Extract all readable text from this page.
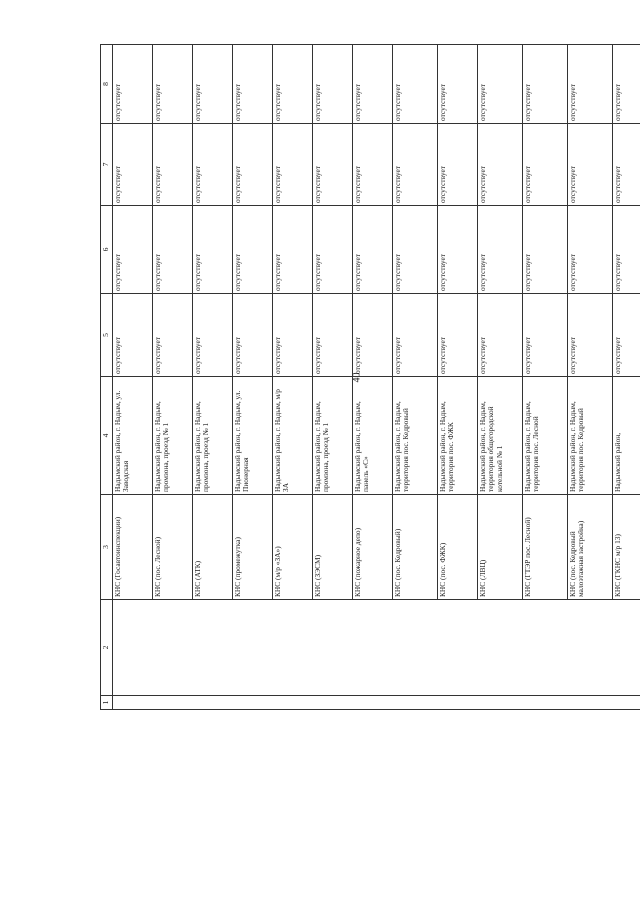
40
1	2	3	4	5	6	7	8

		КНС (Госавтоинспекции)	Надымский район, г. Надым, ул. Заводская	отсутствует	отсутствует	отсутствует	отсутствует

		КНС (пос. Лесной)	Надымский район, г. Надым, промзона, проезд № 1	отсутствует	отсутствует	отсутствует	отсутствует

		КНС (АТК)	Надымский район, г. Надым, промзона, проезд № 1	отсутствует	отсутствует	отсутствует	отсутствует

		КНС (промежутка)	Надымский район, г. Надым, ул. Пионерная	отсутствует	отсутствует	отсутствует	отсутствует

		КНС (м/р «ЗА»)	Надымский район, г. Надым, м/р ЗА	отсутствует	отсутствует	отсутствует	отсутствует

		КНС (ЗЭСМ)	Надымский район, г. Надым, промзона, проезд № 1	отсутствует	отсутствует	отсутствует	отсутствует

		КНС (пожарное депо)	Надымский район, г. Надым, панель «С»	отсутствует	отсутствует	отсутствует	отсутствует

		КНС (пос. Кедровый)	Надымский район, г. Надым, территория пос. Кедровый	отсутствует	отсутствует	отсутствует	отсутствует

		КНС (пос. ФЖК)	Надымский район, г. Надым, территория пос. ФЖК	отсутствует	отсутствует	отсутствует	отсутствует

		КНС (ЛВЦ)	Надымский район, г. Надым, территория общегородской котельной № 1	отсутствует	отсутствует	отсутствует	отсутствует

		КНС (ГТЭР пос. Лесной)	Надымский район, г. Надым, территория пос. Лесной	отсутствует	отсутствует	отсутствует	отсутствует

		КНС (пос. Кедровый малоэтажная застройка)	Надымский район, г. Надым, территория пос. Кедровый	отсутствует	отсутствует	отсутствует	отсутствует

		КНС (ГКНС м/р 13)	Надымский район,	отсутствует	отсутствует	отсутствует	отсутствует
